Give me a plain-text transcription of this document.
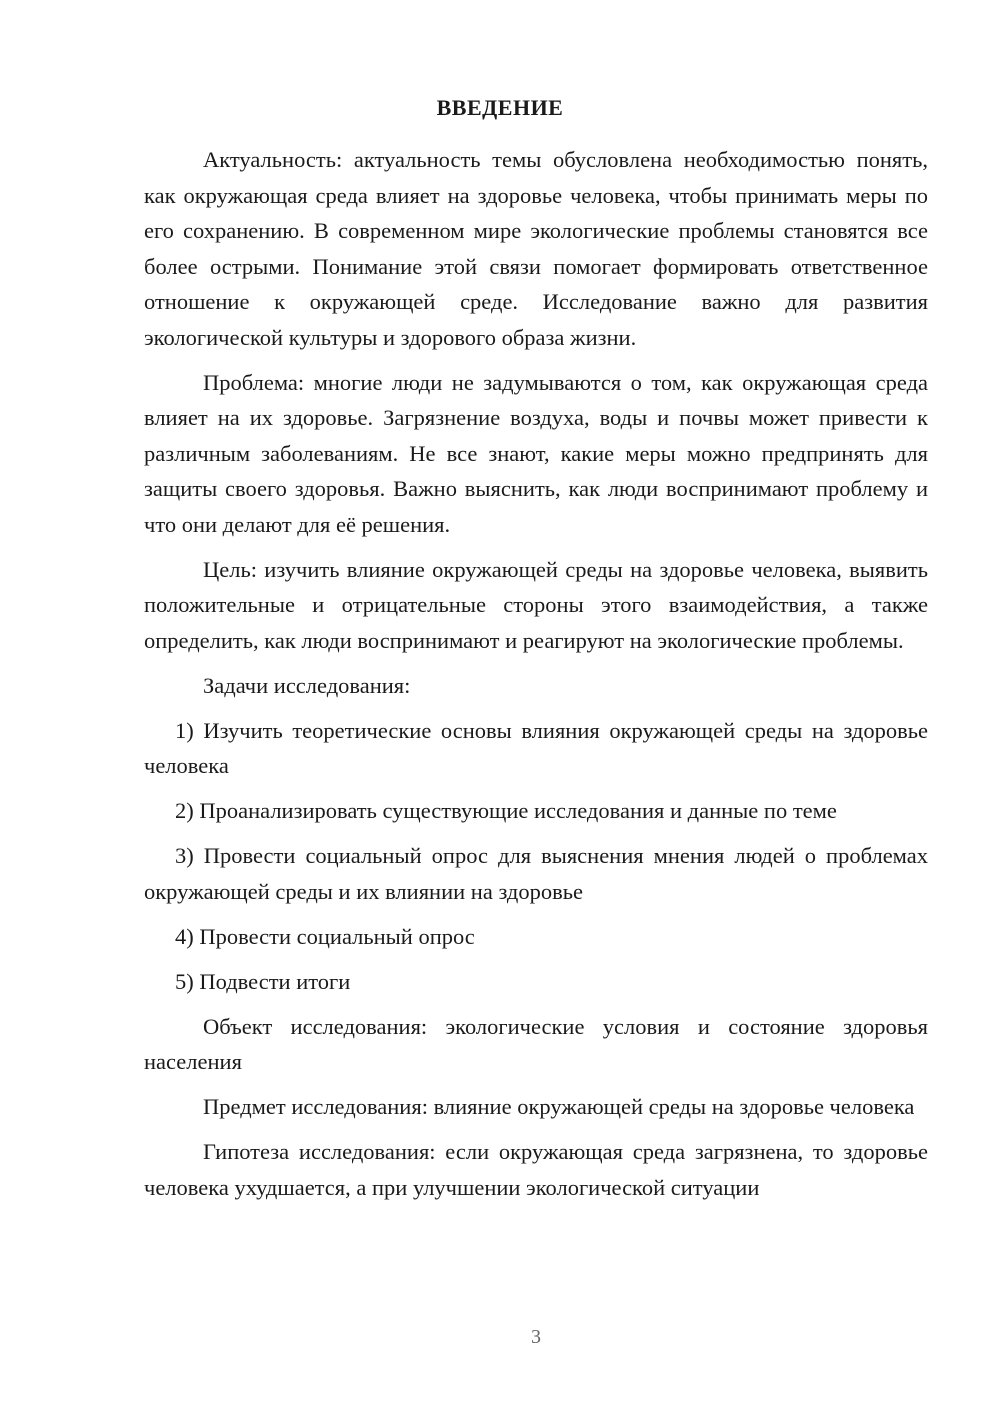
ВВЕДЕНИЕ

Актуальность: актуальность темы обусловлена необходимостью понять, как окружающая среда влияет на здоровье человека, чтобы принимать меры по его сохранению. В современном мире экологические проблемы становятся все более острыми. Понимание этой связи помогает формировать ответственное отношение к окружающей среде. Исследование важно для развития экологической культуры и здорового образа жизни.

Проблема: многие люди не задумываются о том, как окружающая среда влияет на их здоровье. Загрязнение воздуха, воды и почвы может привести к различным заболеваниям. Не все знают, какие меры можно предпринять для защиты своего здоровья. Важно выяснить, как люди воспринимают проблему и что они делают для её решения.

Цель: изучить влияние окружающей среды на здоровье человека, выявить положительные и отрицательные стороны этого взаимодействия, а также определить, как люди воспринимают и реагируют на экологические проблемы.

Задачи исследования:

1) Изучить теоретические основы влияния окружающей среды на здоровье человека

2) Проанализировать существующие исследования и данные по теме

3) Провести социальный опрос для выяснения мнения людей о проблемах окружающей среды и их влиянии на здоровье

4) Провести социальный опрос

5) Подвести итоги

Объект исследования: экологические условия и состояние здоровья населения

Предмет исследования: влияние окружающей среды на здоровье человека

Гипотеза исследования: если окружающая среда загрязнена, то здоровье человека ухудшается, а при улучшении экологической ситуации

3
